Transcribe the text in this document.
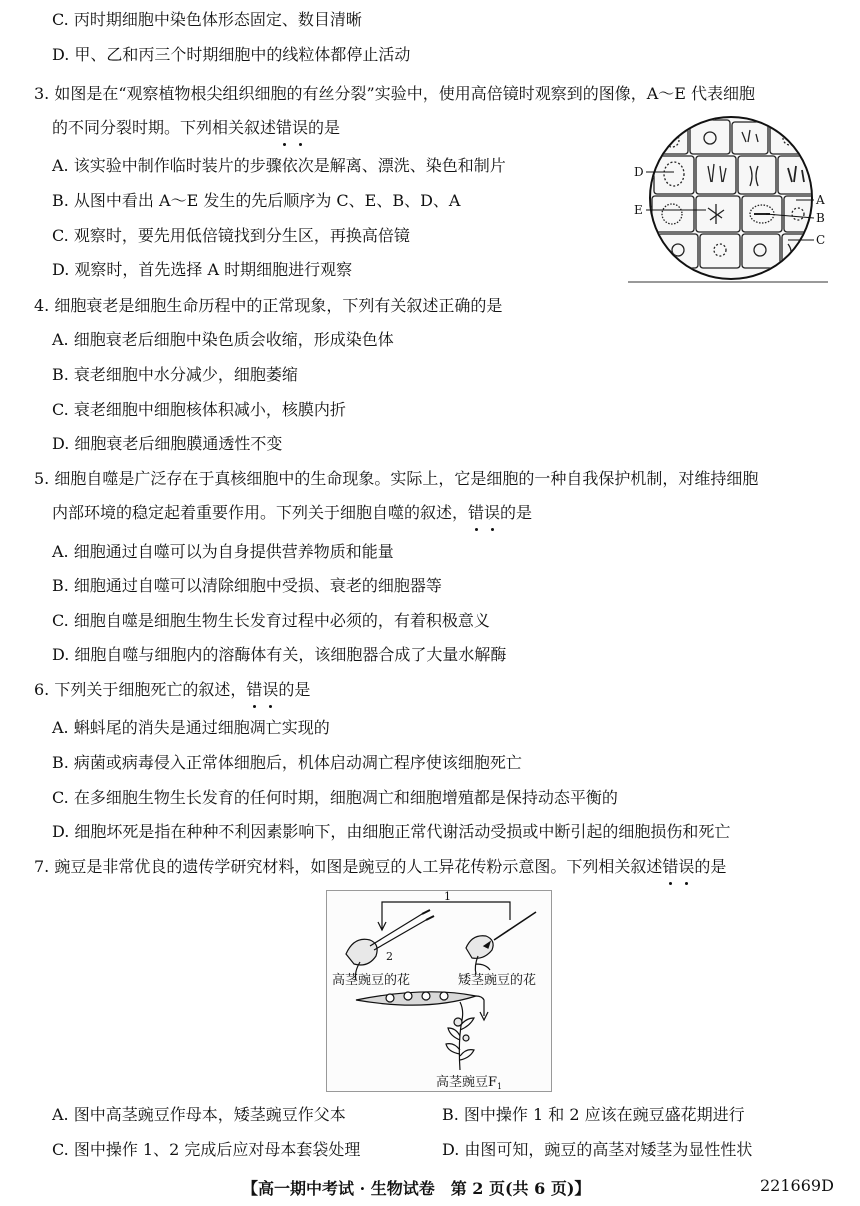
C. 丙时期细胞中染色体形态固定、数目清晰
D. 甲、乙和丙三个时期细胞中的线粒体都停止活动
3. 如图是在“观察植物根尖组织细胞的有丝分裂”实验中，使用高倍镜时观察到的图像，A～E 代表细胞
的不同分裂时期。下列相关叙述错误的是
A. 该实验中制作临时装片的步骤依次是解离、漂洗、染色和制片
B. 从图中看出 A～E 发生的先后顺序为 C、E、B、D、A
C. 观察时，要先用低倍镜找到分生区，再换高倍镜
D. 观察时，首先选择 A 时期细胞进行观察
D
E
A
B
C
4. 细胞衰老是细胞生命历程中的正常现象，下列有关叙述正确的是
A. 细胞衰老后细胞中染色质会收缩，形成染色体
B. 衰老细胞中水分减少，细胞萎缩
C. 衰老细胞中细胞核体积减小，核膜内折
D. 细胞衰老后细胞膜通透性不变
5. 细胞自噬是广泛存在于真核细胞中的生命现象。实际上，它是细胞的一种自我保护机制，对维持细胞
内部环境的稳定起着重要作用。下列关于细胞自噬的叙述，错误的是
A. 细胞通过自噬可以为自身提供营养物质和能量
B. 细胞通过自噬可以清除细胞中受损、衰老的细胞器等
C. 细胞自噬是细胞生物生长发育过程中必须的，有着积极意义
D. 细胞自噬与细胞内的溶酶体有关，该细胞器合成了大量水解酶
6. 下列关于细胞死亡的叙述，错误的是
A. 蝌蚪尾的消失是通过细胞凋亡实现的
B. 病菌或病毒侵入正常体细胞后，机体启动凋亡程序使该细胞死亡
C. 在多细胞生物生长发育的任何时期，细胞凋亡和细胞增殖都是保持动态平衡的
D. 细胞坏死是指在种种不利因素影响下，由细胞正常代谢活动受损或中断引起的细胞损伤和死亡
7. 豌豆是非常优良的遗传学研究材料，如图是豌豆的人工异花传粉示意图。下列相关叙述错误的是
1
2
高茎豌豆的花	矮茎豌豆的花
高茎豌豆$F_1$
A. 图中高茎豌豆作母本，矮茎豌豆作父本	B. 图中操作 1 和 2 应该在豌豆盛花期进行
C. 图中操作 1、2 完成后应对母本套袋处理	D. 由图可知，豌豆的高茎对矮茎为显性性状
【高一期中考试 · 生物试卷　第 2 页(共 6 页)】	221669D
